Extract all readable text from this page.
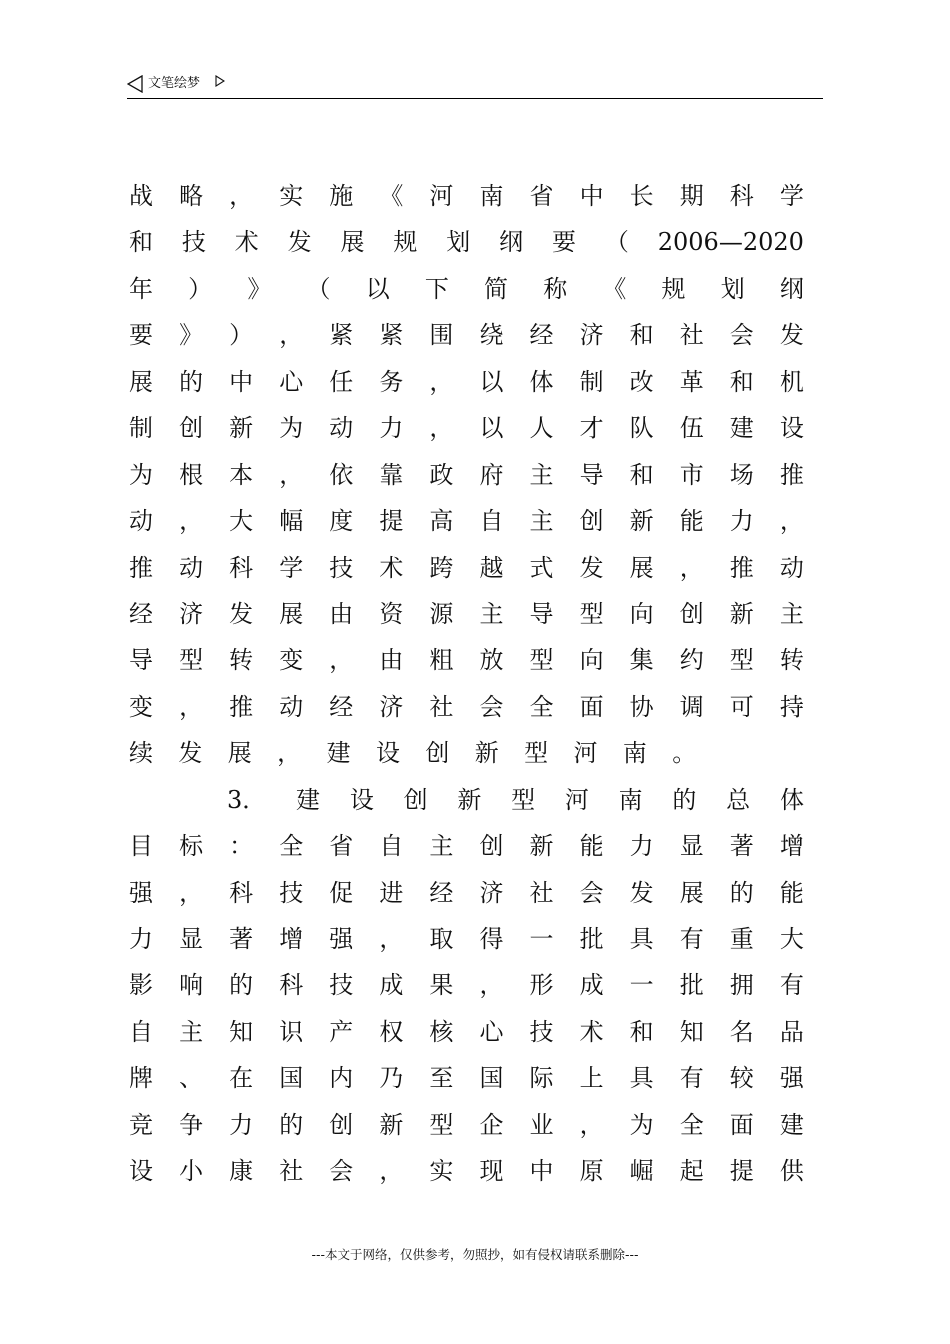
文笔绘梦
战 略 ， 实 施 《 河 南 省 中 长 期 科 学
和 技 术 发 展 规 划 纲 要 （ 2006—2020
年 ） 》 （ 以 下 简 称 《 规 划 纲
要 》 ） ， 紧 紧 围 绕 经 济 和 社 会 发
展 的 中 心 任 务 ， 以 体 制 改 革 和 机
制 创 新 为 动 力 ， 以 人 才 队 伍 建 设
为 根 本 ， 依 靠 政 府 主 导 和 市 场 推
动 ， 大 幅 度 提 高 自 主 创 新 能 力 ，
推 动 科 学 技 术 跨 越 式 发 展 ， 推 动
经 济 发 展 由 资 源 主 导 型 向 创 新 主
导 型 转 变 ， 由 粗 放 型 向 集 约 型 转
变 ， 推 动 经 济 社 会 全 面 协 调 可 持
续 发 展 ， 建 设 创 新 型 河 南 。
3． 建 设 创 新 型 河 南 的 总 体
目 标 ： 全 省 自 主 创 新 能 力 显 著 增
强 ， 科 技 促 进 经 济 社 会 发 展 的 能
力 显 著 增 强 ， 取 得 一 批 具 有 重 大
影 响 的 科 技 成 果 ， 形 成 一 批 拥 有
自 主 知 识 产 权 核 心 技 术 和 知 名 品
牌 、 在 国 内 乃 至 国 际 上 具 有 较 强
竞 争 力 的 创 新 型 企 业 ， 为 全 面 建
设 小 康 社 会 ， 实 现 中 原 崛 起 提 供
---本文于网络，仅供参考，勿照抄，如有侵权请联系删除---
